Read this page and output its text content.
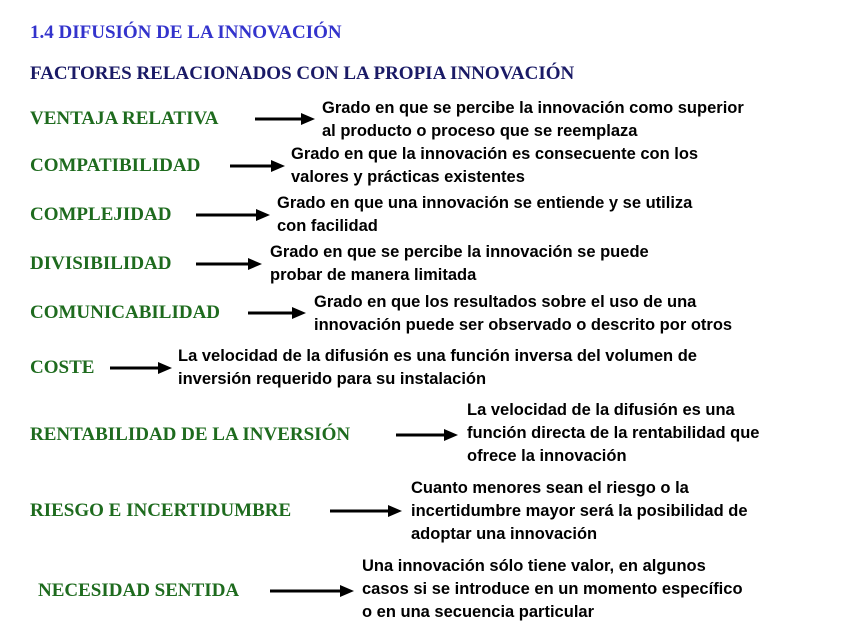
1.4 DIFUSIÓN DE LA INNOVACIÓN
FACTORES RELACIONADOS CON LA PROPIA INNOVACIÓN
VENTAJA RELATIVA	Grado en que se percibe la innovación como superior
al producto o proceso que se reemplaza
COMPATIBILIDAD
Grado en que la innovación es consecuente con los
valores y prácticas existentes
COMPLEJIDAD
Grado en que una innovación se entiende y se utiliza
con facilidad
DIVISIBILIDAD
Grado en que se percibe la innovación se puede
probar de manera limitada
COMUNICABILIDAD	Grado en que los resultados sobre el uso de una
innovación puede ser observado o descrito por otros
COSTE
La velocidad de la difusión es una función inversa del volumen de
inversión requerido para su instalación
RENTABILIDAD DE LA INVERSIÓN
La velocidad de la difusión es una
función directa de la rentabilidad que
ofrece la innovación
RIESGO E INCERTIDUMBRE
Cuanto menores sean el riesgo o la
incertidumbre mayor será la posibilidad de
adoptar una innovación
NECESIDAD SENTIDA
Una innovación sólo tiene valor, en algunos
casos si se introduce en un momento específico
o en una secuencia particular
